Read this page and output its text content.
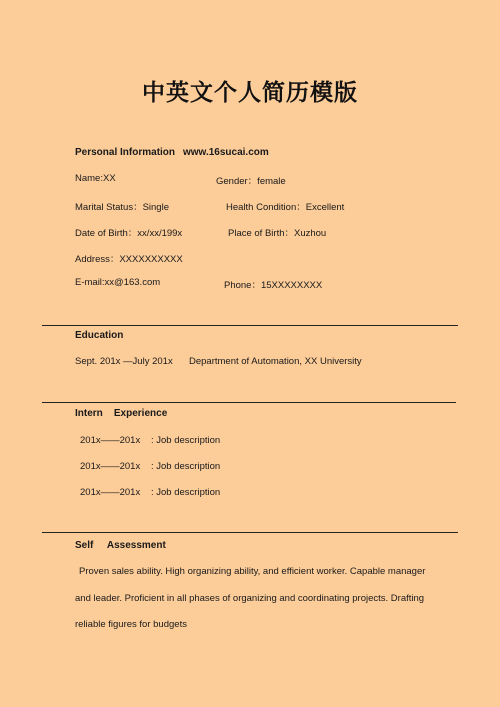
中英文个人简历模版
Personal Information www.16sucai.com
Name:XX	Gender：female
Marital Status：Single	Health Condition：Excellent
Date of Birth：xx/xx/199x	Place of Birth：Xuzhou
Address：XXXXXXXXXX
E-mail:xx@163.com	Phone：15XXXXXXXX
Education
Sept. 201x —July 201x Department of Automation, XX University
Intern    Experience
201x——201x : Job description
201x——201x : Job description
201x——201x : Job description
Self     Assessment
Proven sales ability. High organizing ability, and efficient worker. Capable manager
and leader. Proficient in all phases of organizing and coordinating projects. Drafting
reliable figures for budgets
